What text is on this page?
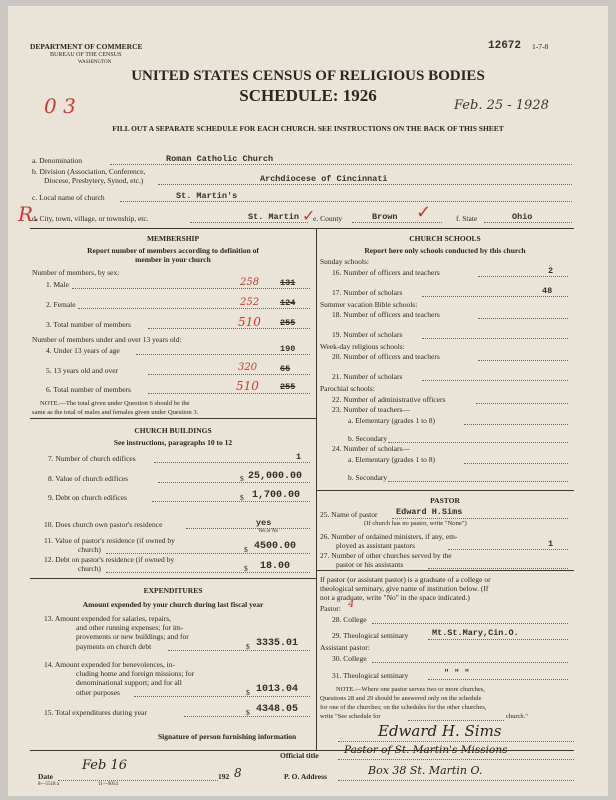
DEPARTMENT OF COMMERCE
BUREAU OF THE CENSUS
WASHINGTON
12672 1-7-8
UNITED STATES CENSUS OF RELIGIOUS BODIES
SCHEDULE: 1926
0 3	Feb. 25 - 1928
FILL OUT A SEPARATE SCHEDULE FOR EACH CHURCH. SEE INSTRUCTIONS ON THE BACK OF THIS SHEET
a. Denomination	Roman Catholic Church
b. Division (Association, Conference,
Diocese, Presbytery, Synod, etc.)	Archdiocese of Cincinnati
c. Local name of church	St. Martin's
R.
d. City, town, village, or township, etc.	St. Martin ✓
e. County	Brown ✓	f. State	Ohio
MEMBERSHIP
Report number of members according to definition of
member in your church
Number of members, by sex:
1. Male	258 131
2. Female	252 124
3. Total number of members	510 255
Number of members under and over 13 years old:
4. Under 13 years of age	190
5. 13 years old and over	320	65
6. Total number of members	510 255
NOTE.—The total given under Question 6 should be the
same as the total of males and females given under Question 3.
CHURCH BUILDINGS
See instructions, paragraphs 10 to 12
7. Number of church edifices	1
8. Value of church edifices	$ 25,000.00
9. Debt on church edifices	$ 1,700.00
10. Does church own pastor's residence	yes
Yes or No
11. Value of pastor's residence (if owned by
church)	$ 4500.00
12. Debt on pastor's residence (if owned by
church)	$ 18.00
EXPENDITURES
Amount expended by your church during last fiscal year
13. Amount expended for salaries, repairs,
and other running expenses; for im-
provements or new buildings; and for
payments on church debt	$ 3335.01
14. Amount expended for benevolences, in-
cluding home and foreign missions; for
denominational support; and for all
other purposes	$ 1013.04
15. Total expenditures during year	$ 4348.05
CHURCH SCHOOLS
Report here only schools conducted by this church
Sunday schools:
16. Number of officers and teachers	2
17. Number of scholars	48
Summer vacation Bible schools:
18. Number of officers and teachers
19. Number of scholars
Week-day religious schools:
20. Number of officers and teachers
21. Number of scholars
Parochial schools:
22. Number of administrative officers
23. Number of teachers—
a. Elementary (grades 1 to 8)
b. Secondary
24. Number of scholars—
a. Elementary (grades 1 to 8)
b. Secondary
PASTOR
25. Name of pastor Edward H.Sims
(If church has no pastor, write "None")
26. Number of ordained ministers, if any, em-
ployed as assistant pastors	1
27. Number of other churches served by the
pastor or his assistants
If pastor (or assistant pastor) is a graduate of a college or
theological seminary, give name of institution below. (If
not a graduate, write "No" in the space indicated.)
Pastor: 4
28. College
29. Theological seminary	Mt.St.Mary,Cin.O.
Assistant pastor:
30. College
31. Theological seminary	" " "
NOTE.—Where one pastor serves two or more churches,
Questions 28 and 29 should be answered only on the schedule
for one of the churches; on the schedules for the other churches,
write "See schedule for	church."
Signature of person furnishing information	Edward H. Sims
Official title Pastor of St. Martin's Missions
Date
Feb 16
192 8	P. O. Address	Box 38 St. Martin O.
8—5518 a	11—9054
